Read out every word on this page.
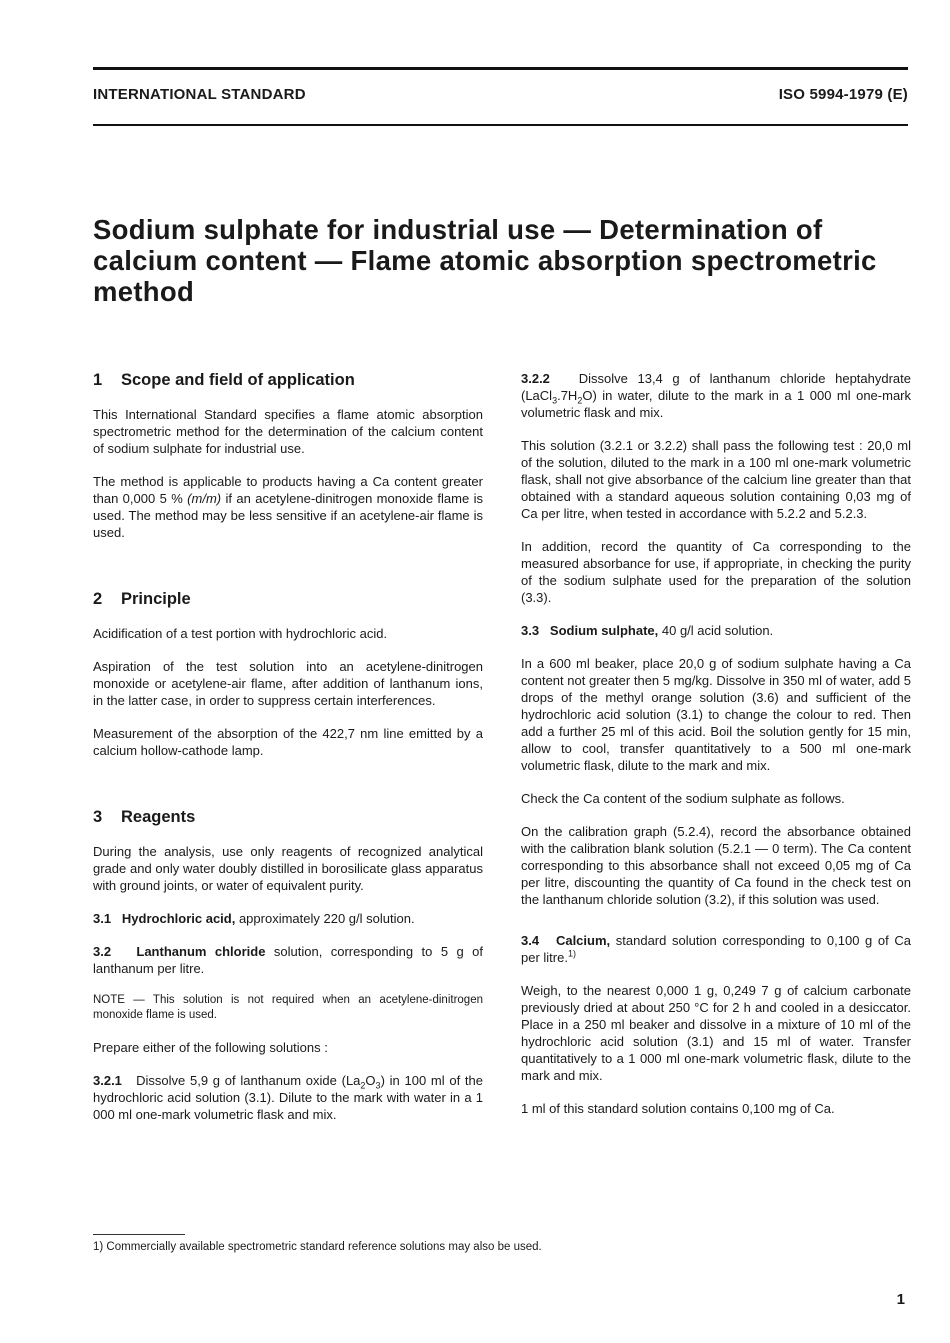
INTERNATIONAL STANDARD	ISO 5994-1979 (E)
Sodium sulphate for industrial use — Determination of calcium content — Flame atomic absorption spectrometric method
1 Scope and field of application

This International Standard specifies a flame atomic absorption spectrometric method for the determination of the calcium content of sodium sulphate for industrial use.

The method is applicable to products having a Ca content greater than 0,000 5 % (m/m) if an acetylene-dinitrogen monoxide flame is used. The method may be less sensitive if an acetylene-air flame is used.

2 Principle

Acidification of a test portion with hydrochloric acid.

Aspiration of the test solution into an acetylene-dinitrogen monoxide or acetylene-air flame, after addition of lanthanum ions, in the latter case, in order to suppress certain interferences.

Measurement of the absorption of the 422,7 nm line emitted by a calcium hollow-cathode lamp.

3 Reagents

During the analysis, use only reagents of recognized analytical grade and only water doubly distilled in borosilicate glass apparatus with ground joints, or water of equivalent purity.

3.1 Hydrochloric acid, approximately 220 g/l solution.

3.2 Lanthanum chloride solution, corresponding to 5 g of lanthanum per litre.

NOTE — This solution is not required when an acetylene-dinitrogen monoxide flame is used.

Prepare either of the following solutions :

3.2.1 Dissolve 5,9 g of lanthanum oxide $(La_2O_3)$ in 100 ml of the hydrochloric acid solution (3.1). Dilute to the mark with water in a 1 000 ml one-mark volumetric flask and mix.

3.2.2 Dissolve 13,4 g of lanthanum chloride heptahydrate $(LaCl_3.7H_2O)$ in water, dilute to the mark in a 1 000 ml one-mark volumetric flask and mix.

This solution (3.2.1 or 3.2.2) shall pass the following test : 20,0 ml of the solution, diluted to the mark in a 100 ml one-mark volumetric flask, shall not give absorbance of the calcium line greater than that obtained with a standard aqueous solution containing 0,03 mg of Ca per litre, when tested in accordance with 5.2.2 and 5.2.3.

In addition, record the quantity of Ca corresponding to the measured absorbance for use, if appropriate, in checking the purity of the sodium sulphate used for the preparation of the solution (3.3).

3.3 Sodium sulphate, 40 g/l acid solution.

In a 600 ml beaker, place 20,0 g of sodium sulphate having a Ca content not greater then 5 mg/kg. Dissolve in 350 ml of water, add 5 drops of the methyl orange solution (3.6) and sufficient of the hydrochloric acid solution (3.1) to change the colour to red. Then add a further 25 ml of this acid. Boil the solution gently for 15 min, allow to cool, transfer quantitatively to a 500 ml one-mark volumetric flask, dilute to the mark and mix.

Check the Ca content of the sodium sulphate as follows.

On the calibration graph (5.2.4), record the absorbance obtained with the calibration blank solution (5.2.1 — 0 term). The Ca content corresponding to this absorbance shall not exceed 0,05 mg of Ca per litre, discounting the quantity of Ca found in the check test on the lanthanum chloride solution (3.2), if this solution was used.

3.4 Calcium, standard solution corresponding to 0,100 g of Ca per litre.$^{1)}$

Weigh, to the nearest 0,000 1 g, 0,249 7 g of calcium carbonate previously dried at about 250 °C for 2 h and cooled in a desiccator. Place in a 250 ml beaker and dissolve in a mixture of 10 ml of the hydrochloric acid solution (3.1) and 15 ml of water. Transfer quantitatively to a 1 000 ml one-mark volumetric flask, dilute to the mark and mix.

1 ml of this standard solution contains 0,100 mg of Ca.

1) Commercially available spectrometric standard reference solutions may also be used.
1
